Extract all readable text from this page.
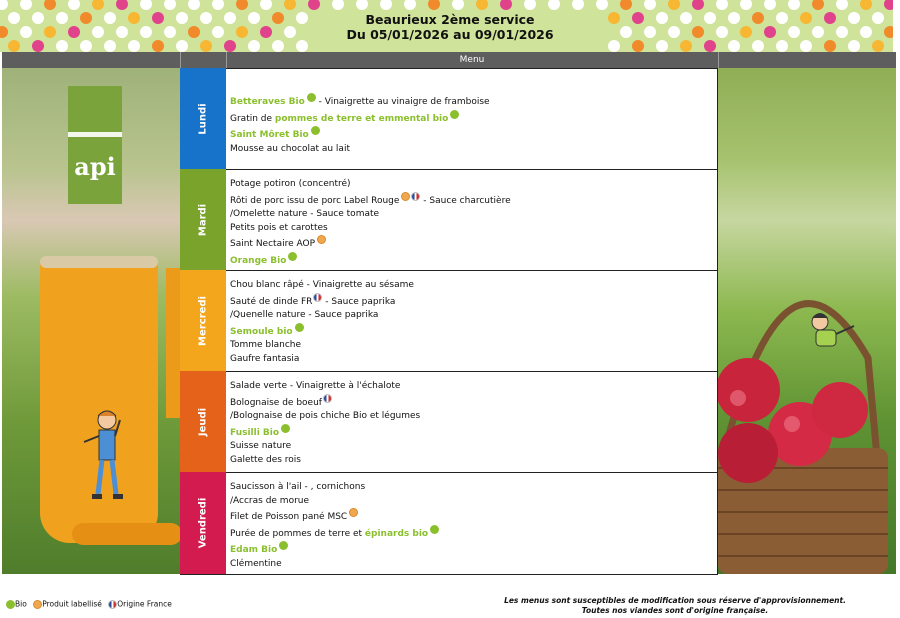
Beaurieux 2ème service
Du 05/01/2026 au 09/01/2026
Menu
api
Lundi
Betteraves Bio - Vinaigrette au vinaigre de framboise
Gratin de pommes de terre et emmental bio
Saint Môret Bio
Mousse au chocolat au lait
Mardi
Potage potiron (concentré)
Rôti de porc issu de porc Label Rouge - Sauce charcutière
/Omelette nature - Sauce tomate
Petits pois et carottes
Saint Nectaire AOP
Orange Bio
Mercredi
Chou blanc râpé - Vinaigrette au sésame
Sauté de dinde FR - Sauce paprika
/Quenelle nature - Sauce paprika
Semoule bio
Tomme blanche
Gaufre fantasia
Jeudi
Salade verte - Vinaigrette à l'échalote
Bolognaise de boeuf
/Bolognaise de pois chiche Bio et légumes
Fusilli Bio
Suisse nature
Galette des rois
Vendredi
Saucisson à l'ail - , cornichons
/Accras de morue
Filet de Poisson pané MSC
Purée de pommes de terre et épinards bio
Edam Bio
Clémentine
Bio Produit labellisé Origine France	Les menus sont susceptibles de modification sous réserve d'approvisionnement.
Toutes nos viandes sont d'origine française.
